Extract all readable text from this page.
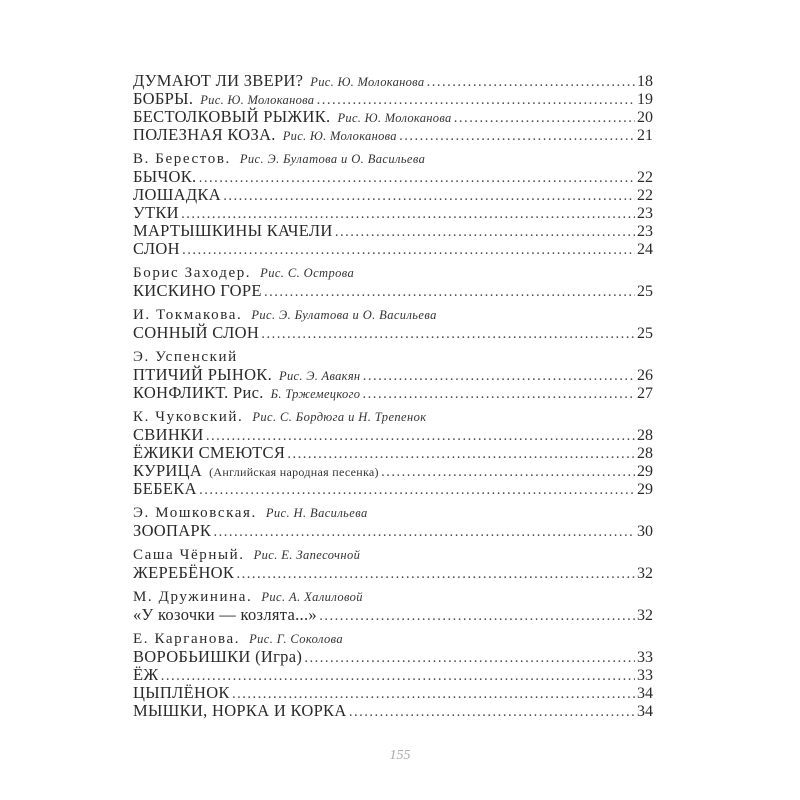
ДУМАЮТ ЛИ ЗВЕРИ? Рис. Ю. Молоканова .....	18
БОБРЫ. Рис. Ю. Молоканова .....	19
БЕСТОЛКОВЫЙ РЫЖИК. Рис. Ю. Молоканова .....	20
ПОЛЕЗНАЯ КОЗА. Рис. Ю. Молоканова .....	21
В. Берестов. Рис. Э. Булатова и О. Васильева
БЫЧОК. .....	22
ЛОШАДКА .....	22
УТКИ .....	23
МАРТЫШКИНЫ КАЧЕЛИ .....	23
СЛОН .....	24
Борис Заходер. Рис. С. Острова
КИСКИНО ГОРЕ .....	25
И. Токмакова. Рис. Э. Булатова и О. Васильева
СОННЫЙ СЛОН .....	25
Э. Успенский
ПТИЧИЙ РЫНОК. Рис. Э. Авакян .....	26
КОНФЛИКТ. Рис. Б. Тржемецкого .....	27
К. Чуковский. Рис. С. Бордюга и Н. Трепенок
СВИНКИ .....	28
ЁЖИКИ СМЕЮТСЯ .....	28
КУРИЦА (Английская народная песенка) .....	29
БЕБЕКА .....	29
Э. Мошковская. Рис. Н. Васильева
ЗООПАРК .....	30
Саша Чёрный. Рис. Е. Запесочной
ЖЕРЕБЁНОК .....	32
М. Дружинина. Рис. А. Халиловой
«У козочки — козлята...» .....	32
Е. Карганова. Рис. Г. Соколова
ВОРОБЬИШКИ (Игра) .....	33
ЁЖ .....	33
ЦЫПЛЁНОК .....	34
МЫШКИ, НОРКА И КОРКА .....	34
155
